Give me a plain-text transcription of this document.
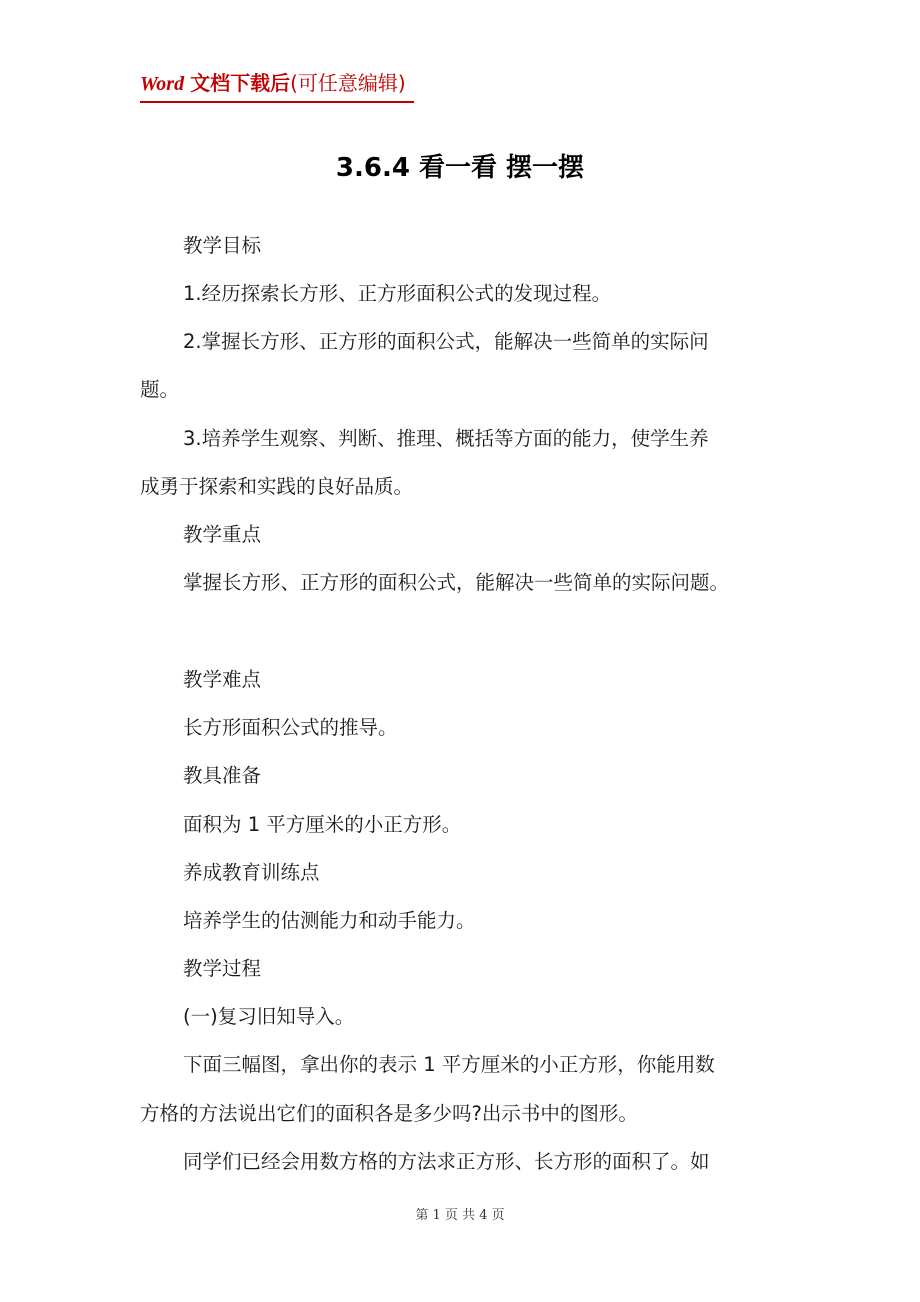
Word 文档下载后(可任意编辑)
3.6.4 看一看 摆一摆
教学目标
1.经历探索长方形、正方形面积公式的发现过程。
2.掌握长方形、正方形的面积公式，能解决一些简单的实际问
题。
3.培养学生观察、判断、推理、概括等方面的能力，使学生养
成勇于探索和实践的良好品质。
教学重点
掌握长方形、正方形的面积公式，能解决一些简单的实际问题。
教学难点
长方形面积公式的推导。
教具准备
面积为 1 平方厘米的小正方形。
养成教育训练点
培养学生的估测能力和动手能力。
教学过程
(一)复习旧知导入。
下面三幅图，拿出你的表示 1 平方厘米的小正方形，你能用数
方格的方法说出它们的面积各是多少吗?出示书中的图形。
同学们已经会用数方格的方法求正方形、长方形的面积了。如
第 1 页 共 4 页
